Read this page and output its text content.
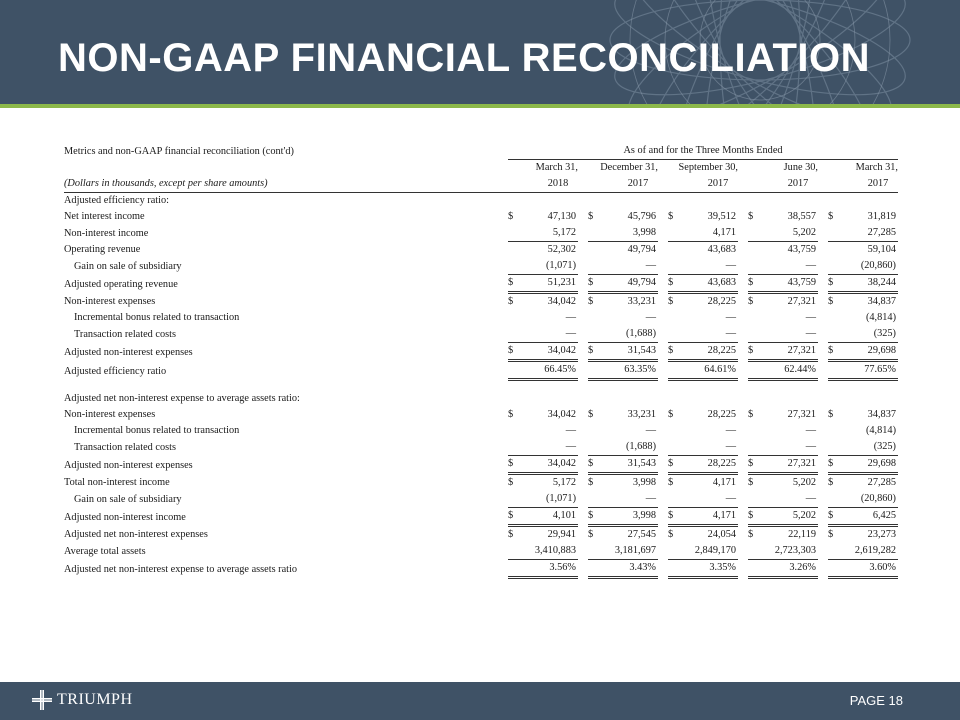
NON-GAAP FINANCIAL RECONCILIATION
Metrics and non-GAAP financial reconciliation (cont'd)		As of and for the Three Months Ended													
		March 31,			December 31,			September 30,			June 30,			March 31,	
(Dollars in thousands, except per share amounts)		2018			2017			2017			2017			2017	
Adjusted efficiency ratio:															
Net interest income		$	47,130		$	45,796		$	39,512		$	38,557		$	31,819
Non-interest income			5,172			3,998			4,171			5,202			27,285
Operating revenue			52,302			49,794			43,683			43,759			59,104
Gain on sale of subsidiary			(1,071)			—			—			—			(20,860)
Adjusted operating revenue		$	51,231		$	49,794		$	43,683		$	43,759		$	38,244
Non-interest expenses		$	34,042		$	33,231		$	28,225		$	27,321		$	34,837
Incremental bonus related to transaction			—			—			—			—			(4,814)
Transaction related costs			—			(1,688)			—			—			(325)
Adjusted non-interest expenses		$	34,042		$	31,543		$	28,225		$	27,321		$	29,698
Adjusted efficiency ratio			66.45%			63.35%			64.61%			62.44%			77.65%

Adjusted net non-interest expense to average assets ratio:															
Non-interest expenses		$	34,042		$	33,231		$	28,225		$	27,321		$	34,837
Incremental bonus related to transaction			—			—			—			—			(4,814)
Transaction related costs			—			(1,688)			—			—			(325)
Adjusted non-interest expenses		$	34,042		$	31,543		$	28,225		$	27,321		$	29,698
Total non-interest income		$	5,172		$	3,998		$	4,171		$	5,202		$	27,285
Gain on sale of subsidiary			(1,071)			—			—			—			(20,860)
Adjusted non-interest income		$	4,101		$	3,998		$	4,171		$	5,202		$	6,425
Adjusted net non-interest expenses		$	29,941		$	27,545		$	24,054		$	22,119		$	23,273
Average total assets			3,410,883			3,181,697			2,849,170			2,723,303			2,619,282
Adjusted net non-interest expense to average assets ratio			3.56%			3.43%			3.35%			3.26%			3.60%
TRIUMPH	PAGE 18
